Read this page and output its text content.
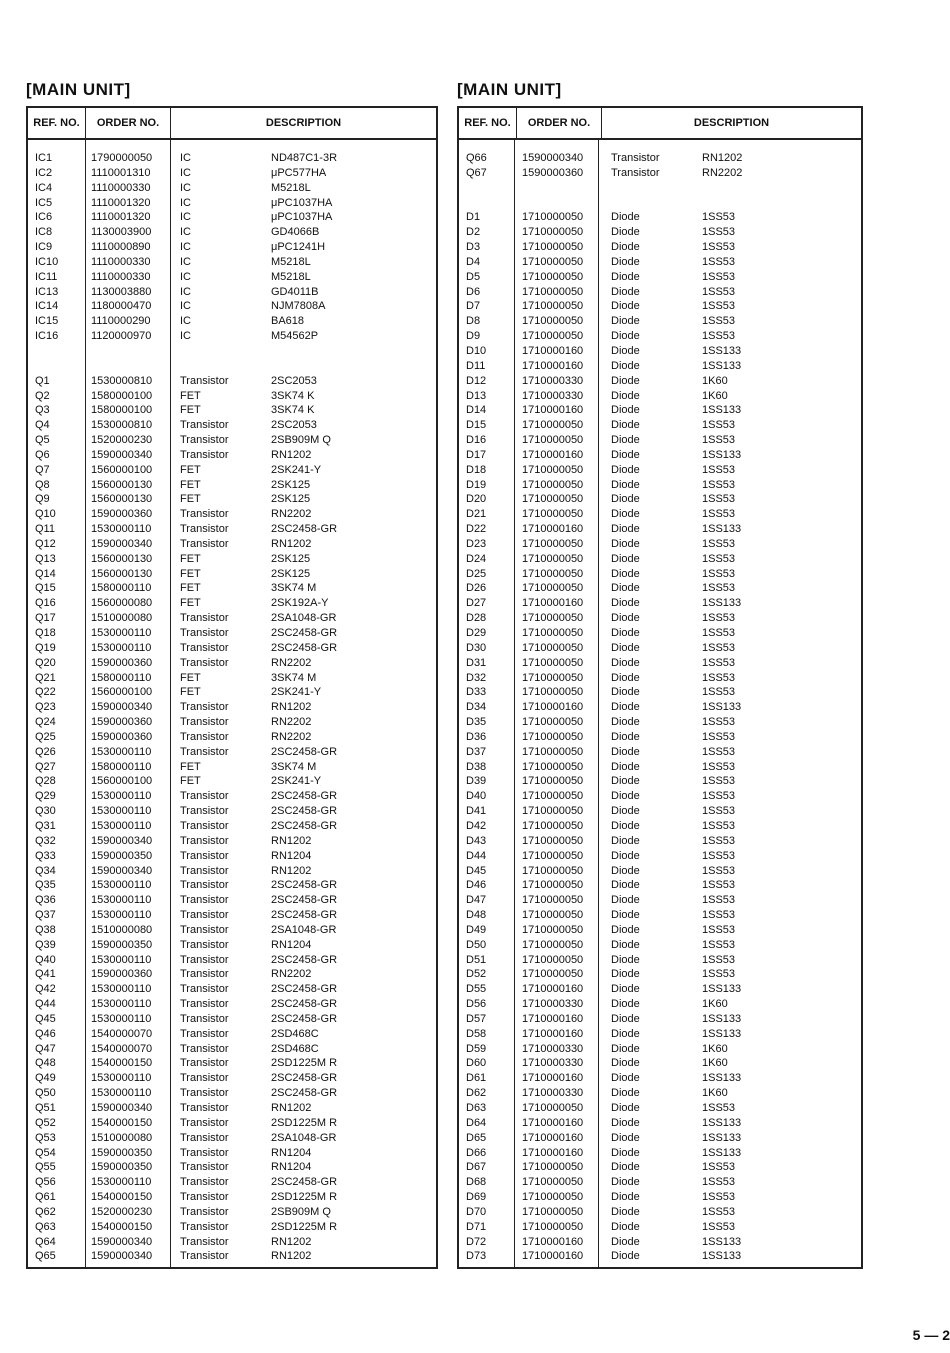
[MAIN UNIT]
REF. NO.	ORDER NO.	DESCRIPTION
IC1	1790000050	IC	ND487C1-3R
IC2	1110001310	IC	μPC577HA
IC4	1110000330	IC	M5218L
IC5	1110001320	IC	μPC1037HA
IC6	1110001320	IC	μPC1037HA
IC8	1130003900	IC	GD4066B
IC9	1110000890	IC	μPC1241H
IC10	1110000330	IC	M5218L
IC11	1110000330	IC	M5218L
IC13	1130003880	IC	GD4011B
IC14	1180000470	IC	NJM7808A
IC15	1110000290	IC	BA618
IC16	1120000970	IC	M54562P
Q1	1530000810	Transistor	2SC2053
Q2	1580000100	FET	3SK74 K
Q3	1580000100	FET	3SK74 K
Q4	1530000810	Transistor	2SC2053
Q5	1520000230	Transistor	2SB909M Q
Q6	1590000340	Transistor	RN1202
Q7	1560000100	FET	2SK241-Y
Q8	1560000130	FET	2SK125
Q9	1560000130	FET	2SK125
Q10	1590000360	Transistor	RN2202
Q11	1530000110	Transistor	2SC2458-GR
Q12	1590000340	Transistor	RN1202
Q13	1560000130	FET	2SK125
Q14	1560000130	FET	2SK125
Q15	1580000110	FET	3SK74 M
Q16	1560000080	FET	2SK192A-Y
Q17	1510000080	Transistor	2SA1048-GR
Q18	1530000110	Transistor	2SC2458-GR
Q19	1530000110	Transistor	2SC2458-GR
Q20	1590000360	Transistor	RN2202
Q21	1580000110	FET	3SK74 M
Q22	1560000100	FET	2SK241-Y
Q23	1590000340	Transistor	RN1202
Q24	1590000360	Transistor	RN2202
Q25	1590000360	Transistor	RN2202
Q26	1530000110	Transistor	2SC2458-GR
Q27	1580000110	FET	3SK74 M
Q28	1560000100	FET	2SK241-Y
Q29	1530000110	Transistor	2SC2458-GR
Q30	1530000110	Transistor	2SC2458-GR
Q31	1530000110	Transistor	2SC2458-GR
Q32	1590000340	Transistor	RN1202
Q33	1590000350	Transistor	RN1204
Q34	1590000340	Transistor	RN1202
Q35	1530000110	Transistor	2SC2458-GR
Q36	1530000110	Transistor	2SC2458-GR
Q37	1530000110	Transistor	2SC2458-GR
Q38	1510000080	Transistor	2SA1048-GR
Q39	1590000350	Transistor	RN1204
Q40	1530000110	Transistor	2SC2458-GR
Q41	1590000360	Transistor	RN2202
Q42	1530000110	Transistor	2SC2458-GR
Q44	1530000110	Transistor	2SC2458-GR
Q45	1530000110	Transistor	2SC2458-GR
Q46	1540000070	Transistor	2SD468C
Q47	1540000070	Transistor	2SD468C
Q48	1540000150	Transistor	2SD1225M R
Q49	1530000110	Transistor	2SC2458-GR
Q50	1530000110	Transistor	2SC2458-GR
Q51	1590000340	Transistor	RN1202
Q52	1540000150	Transistor	2SD1225M R
Q53	1510000080	Transistor	2SA1048-GR
Q54	1590000350	Transistor	RN1204
Q55	1590000350	Transistor	RN1204
Q56	1530000110	Transistor	2SC2458-GR
Q61	1540000150	Transistor	2SD1225M R
Q62	1520000230	Transistor	2SB909M Q
Q63	1540000150	Transistor	2SD1225M R
Q64	1590000340	Transistor	RN1202
Q65	1590000340	Transistor	RN1202
[MAIN UNIT]
REF. NO.	ORDER NO.	DESCRIPTION
Q66	1590000340	Transistor	RN1202
Q67	1590000360	Transistor	RN2202
D1	1710000050	Diode	1SS53
D2	1710000050	Diode	1SS53
D3	1710000050	Diode	1SS53
D4	1710000050	Diode	1SS53
D5	1710000050	Diode	1SS53
D6	1710000050	Diode	1SS53
D7	1710000050	Diode	1SS53
D8	1710000050	Diode	1SS53
D9	1710000050	Diode	1SS53
D10	1710000160	Diode	1SS133
D11	1710000160	Diode	1SS133
D12	1710000330	Diode	1K60
D13	1710000330	Diode	1K60
D14	1710000160	Diode	1SS133
D15	1710000050	Diode	1SS53
D16	1710000050	Diode	1SS53
D17	1710000160	Diode	1SS133
D18	1710000050	Diode	1SS53
D19	1710000050	Diode	1SS53
D20	1710000050	Diode	1SS53
D21	1710000050	Diode	1SS53
D22	1710000160	Diode	1SS133
D23	1710000050	Diode	1SS53
D24	1710000050	Diode	1SS53
D25	1710000050	Diode	1SS53
D26	1710000050	Diode	1SS53
D27	1710000160	Diode	1SS133
D28	1710000050	Diode	1SS53
D29	1710000050	Diode	1SS53
D30	1710000050	Diode	1SS53
D31	1710000050	Diode	1SS53
D32	1710000050	Diode	1SS53
D33	1710000050	Diode	1SS53
D34	1710000160	Diode	1SS133
D35	1710000050	Diode	1SS53
D36	1710000050	Diode	1SS53
D37	1710000050	Diode	1SS53
D38	1710000050	Diode	1SS53
D39	1710000050	Diode	1SS53
D40	1710000050	Diode	1SS53
D41	1710000050	Diode	1SS53
D42	1710000050	Diode	1SS53
D43	1710000050	Diode	1SS53
D44	1710000050	Diode	1SS53
D45	1710000050	Diode	1SS53
D46	1710000050	Diode	1SS53
D47	1710000050	Diode	1SS53
D48	1710000050	Diode	1SS53
D49	1710000050	Diode	1SS53
D50	1710000050	Diode	1SS53
D51	1710000050	Diode	1SS53
D52	1710000050	Diode	1SS53
D55	1710000160	Diode	1SS133
D56	1710000330	Diode	1K60
D57	1710000160	Diode	1SS133
D58	1710000160	Diode	1SS133
D59	1710000330	Diode	1K60
D60	1710000330	Diode	1K60
D61	1710000160	Diode	1SS133
D62	1710000330	Diode	1K60
D63	1710000050	Diode	1SS53
D64	1710000160	Diode	1SS133
D65	1710000160	Diode	1SS133
D66	1710000160	Diode	1SS133
D67	1710000050	Diode	1SS53
D68	1710000050	Diode	1SS53
D69	1710000050	Diode	1SS53
D70	1710000050	Diode	1SS53
D71	1710000050	Diode	1SS53
D72	1710000160	Diode	1SS133
D73	1710000160	Diode	1SS133
5 — 2
